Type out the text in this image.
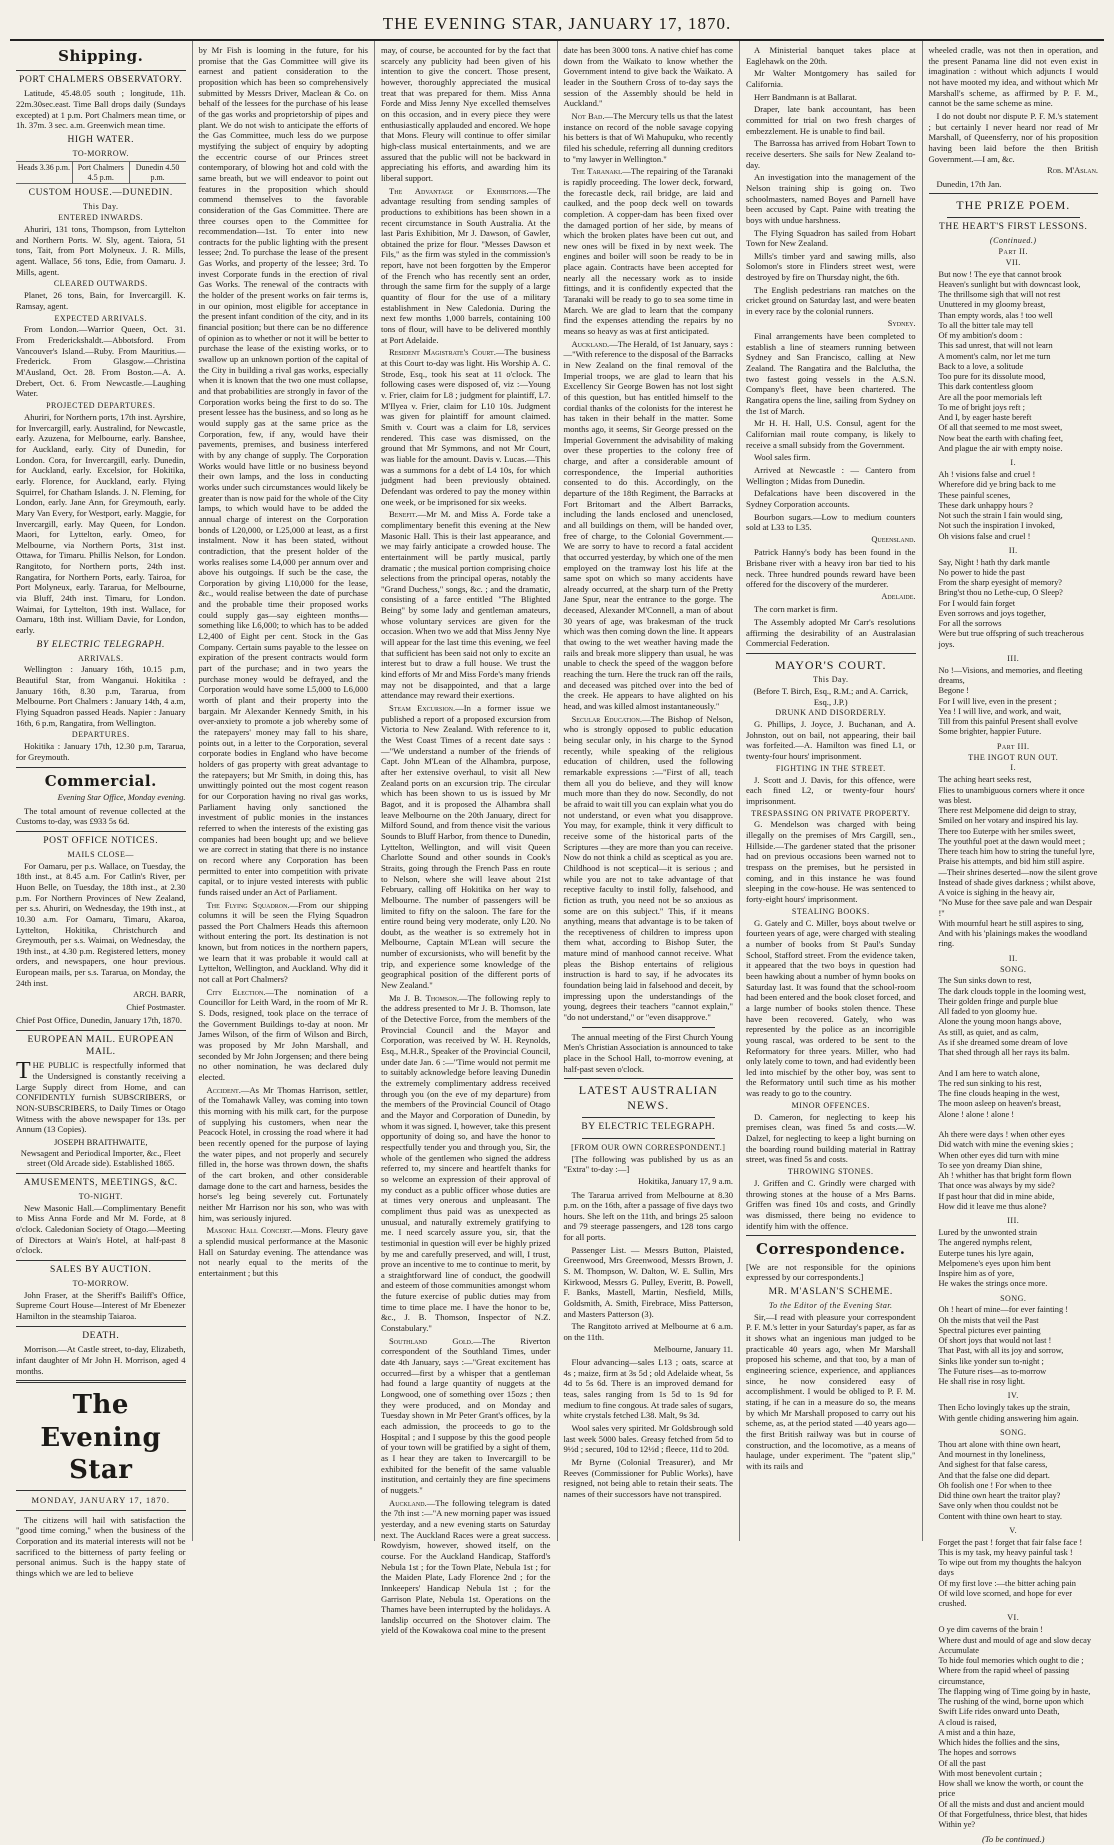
THE EVENING STAR, JANUARY 17, 1870.
Shipping.
PORT CHALMERS OBSERVATORY.

Latitude, 45.48.05 south ; longitude, 11h. 22m.30sec.east. Time Ball drops daily (Sundays excepted) at 1 p.m. Port Chalmers mean time, or 1h. 37m. 3 sec. a.m. Greenwich mean time.

HIGH WATER.
TO-MORROW.
Heads 3.36 p.m. Port Chalmers 4.5 p.m.
Dunedin 4.50 p.m.
CUSTOM HOUSE.—DUNEDIN.
This Day.
ENTERED INWARDS.

Ahuriri, 131 tons, Thompson, from Lyttelton and Northern Ports. W. Sly, agent. Taiora, 51 tons, Tait, from Port Molyneux. J. R. Mills, agent. Wallace, 56 tons, Edie, from Oamaru. J. Mills, agent.

CLEARED OUTWARDS.

Planet, 26 tons, Bain, for Invercargill. K. Ramsay, agent.

EXPECTED ARRIVALS.

From London.—Warrior Queen, Oct. 31. From Frederickshaldt.—Abbotsford. From Vancouver's Island.—Ruby. From Mauritius.—Frederick. From Glasgow.—Christina M'Ausland, Oct. 28. From Boston.—A. A. Drebert, Oct. 6. From Newcastle.—Laughing Water.

PROJECTED DEPARTURES.

Ahuriri, for Northern ports, 17th inst. Ayrshire, for Invercargill, early. Australind, for Newcastle, early. Azuzena, for Melbourne, early. Banshee, for Auckland, early. City of Dunedin, for London. Cora, for Invercargill, early. Dunedin, for Auckland, early. Excelsior, for Hokitika, early. Florence, for Auckland, early. Flying Squirrel, for Chatham Islands. J. N. Fleming, for London, early. Jane Ann, for Greymouth, early. Mary Van Every, for Westport, early. Maggie, for Invercargill, early. May Queen, for London. Maori, for Lyttelton, early. Omeo, for Melbourne, via Northern Ports, 31st inst. Ottawa, for Timaru. Phillis Nelson, for London. Rangitoto, for Northern ports, 24th inst. Rangatira, for Northern Ports, early. Tairoa, for Port Molyneux, early. Tararua, for Melbourne, via Bluff, 24th inst. Timaru, for London. Waimai, for Lyttelton, 19th inst. Wallace, for Oamaru, 18th inst. William Davie, for London, early.

BY ELECTRIC TELEGRAPH.
ARRIVALS.

Wellington : January 16th, 10.15 p.m, Beautiful Star, from Wanganui. Hokitika : January 16th, 8.30 p.m, Tararua, from Melbourne. Port Chalmers : January 14th, 4 a.m, Flying Squadron passed Heads. Napier : January 16th, 6 p.m, Rangatira, from Wellington.

DEPARTURES.

Hokitika : January 17th, 12.30 p.m, Tararua, for Greymouth.

Commercial.
Evening Star Office, Monday evening.

The total amount of revenue collected at the Customs to-day, was £933 5s 6d.

POST OFFICE NOTICES.
MAILS CLOSE—

For Oamaru, per p.s. Wallace, on Tuesday, the 18th inst., at 8.45 a.m. For Catlin's River, per Huon Belle, on Tuesday, the 18th inst., at 2.30 p.m. For Northern Provinces of New Zealand, per s.s. Ahuriri, on Wednesday, the 19th inst., at 10.30 a.m. For Oamaru, Timaru, Akaroa, Lyttelton, Hokitika, Christchurch and Greymouth, per s.s. Waimai, on Wednesday, the 19th inst., at 4.30 p.m. Registered letters, money orders, and newspapers, one hour previous. European mails, per s.s. Tararua, on Monday, the 24th inst.

ARCH. BARR,
Chief Postmaster.

Chief Post Office, Dunedin, January 17th, 1870.

EUROPEAN MAIL. EUROPEAN MAIL.

THE PUBLIC is respectfully informed that the Undersigned is constantly receiving a Large Supply direct from Home, and can CONFIDENTLY furnish SUBSCRIBERS, or NON-SUBSCRIBERS, to Daily Times or Otago Witness with the above newspaper for 13s. per Annum (13 Copies).

JOSEPH BRAITHWAITE,
Newsagent and Periodical Importer, &c., Fleet street (Old Arcade side). Established 1865.
AMUSEMENTS, MEETINGS, &C.
TO-NIGHT.

New Masonic Hall.—Complimentary Benefit to Miss Anna Forde and Mr M. Forde, at 8 o'clock. Caledonian Society of Otago.—Meeting of Directors at Wain's Hotel, at half-past 8 o'clock.

SALES BY AUCTION.
TO-MORROW.

John Fraser, at the Sheriff's Bailiff's Office, Supreme Court House—Interest of Mr Ebenezer Hamilton in the steamship Taiaroa.

DEATH.

Morrison.—At Castle street, to-day, Elizabeth, infant daughter of Mr John H. Morrison, aged 4 months.

The Evening Star
MONDAY, JANUARY 17, 1870.

The citizens will hail with satisfaction the "good time coming," when the business of the Corporation and its material interests will not be sacrificed to the bitterness of party feeling or personal animus. Such is the happy state of things which we are led to believe

by Mr Fish is looming in the future, for his promise that the Gas Committee will give its earnest and patient consideration to the proposition which has been so comprehensively submitted by Messrs Driver, Maclean & Co. on behalf of the lessees for the purchase of his lease of the gas works and proprietorship of pipes and plant. We do not wish to anticipate the efforts of the Gas Committee, much less do we purpose mystifying the subject of enquiry by adopting the eccentric course of our Princes street contemporary, of blowing hot and cold with the same breath, but we will endeavor to point out features in the proposition which should commend themselves to the favorable consideration of the Gas Committee. There are three courses open to the Committee for recommendation—1st. To enter into new contracts for the public lighting with the present lessee; 2nd. To purchase the lease of the present Gas Works, and property of the lessee; 3rd. To invest Corporate funds in the erection of rival Gas Works. The renewal of the contracts with the holder of the present works on fair terms is, in our opinion, most eligible for acceptance in the present infant condition of the city, and in its financial position; but there can be no difference of opinion as to whether or not it will be better to purchase the lease of the existing works, or to swallow up an unknown portion of the capital of the City in building a rival gas works, especially when it is known that the two one must collapse, and that probabilities are strongly in favor of the Corporation works being the first to do so. The present lessee has the business, and so long as he would supply gas at the same price as the Corporation, few, if any, would have their pavements, premises, and business interfered with by any change of supply. The Corporation Works would have little or no business beyond their own lamps, and the loss in conducting works under such circumstances would likely be greater than is now paid for the whole of the City lamps, to which would have to be added the annual charge of interest on the Corporation bonds of L20,000, or L25,000 at least, as a first instalment. Now it has been stated, without contradiction, that the present holder of the works realises some L4,000 per annum over and above his outgoings. If such be the case, the Corporation by giving L10,000 for the lease, &c., would realise between the date of purchase and the probable time their proposed works could supply gas—say eighteen months—something like L6,000; to which has to be added L2,400 of Eight per cent. Stock in the Gas Company. Certain sums payable to the lessee on expiration of the present contracts would form part of the purchase; and in two years the purchase money would be defrayed, and the Corporation would have some L5,000 to L6,000 worth of plant and their property into the bargain. Mr Alexander Kennedy Smith, in his over-anxiety to promote a job whereby some of the ratepayers' money may fall to his share, points out, in a letter to the Corporation, several corporate bodies in England who have become holders of gas property with great advantage to the ratepayers; but Mr Smith, in doing this, has unwittingly pointed out the most cogent reason for our Corporation having no rival gas works, Parliament having only sanctioned the investment of public monies in the instances referred to when the interests of the existing gas companies had been bought up; and we believe we are correct in stating that there is no instance on record where any Corporation has been permitted to enter into competition with private capital, or to injure vested interests with public funds raised under an Act of Parliament.

The Flying Squadron.—From our shipping columns it will be seen the Flying Squadron passed the Port Chalmers Heads this afternoon without entering the port. Its destination is not known, but from notices in the northern papers, we learn that it was probable it would call at Lyttelton, Wellington, and Auckland. Why did it not call at Port Chalmers?

City Election.—The nomination of a Councillor for Leith Ward, in the room of Mr R. S. Dods, resigned, took place on the terrace of the Government Buildings to-day at noon. Mr James Wilson, of the firm of Wilson and Birch, was proposed by Mr John Marshall, and seconded by Mr John Jorgensen; and there being no other nomination, he was declared duly elected.

Accident.—As Mr Thomas Harrison, settler, of the Tomahawk Valley, was coming into town this morning with his milk cart, for the purpose of supplying his customers, when near the Peacock Hotel, in crossing the road where it had been recently opened for the purpose of laying the water pipes, and not properly and securely filled in, the horse was thrown down, the shafts of the cart broken, and other considerable damage done to the cart and harness, besides the horse's leg being severely cut. Fortunately neither Mr Harrison nor his son, who was with him, was seriously injured.

Masonic Hall Concert.—Mons. Fleury gave a splendid musical performance at the Masonic Hall on Saturday evening. The attendance was not nearly equal to the merits of the entertainment ; but this

may, of course, be accounted for by the fact that scarcely any publicity had been given of his intention to give the concert. Those present, however, thoroughly appreciated the musical treat that was prepared for them. Miss Anna Forde and Miss Jenny Nye excelled themselves on this occasion, and in every piece they were enthusiastically applauded and encored. We hope that Mons. Fleury will continue to offer similar high-class musical entertainments, and we are assured that the public will not be backward in appreciating his efforts, and awarding him its liberal support.

The Advantage of Exhibitions.—The advantage resulting from sending samples of productions to exhibitions has been shown in a recent circumstance in South Australia. At the last Paris Exhibition, Mr J. Dawson, of Gawler, obtained the prize for flour. "Messes Dawson et Fils," as the firm was styled in the commission's report, have not been forgotten by the Emperor of the French who has recently sent an order, through the same firm for the supply of a large quantity of flour for the use of a military establishment in New Caledonia. During the next few months 1,000 barrels, containing 100 tons of flour, will have to be delivered monthly at Port Adelaide.

Resident Magistrate's Court.—The business at this Court to-day was light. His Worship A. C. Strode, Esq., took his seat at 11 o'clock. The following cases were disposed of, viz :—Young v. Frier, claim for L8 ; judgment for plaintiff, L7. M'Ilyea v. Frier, claim for L10 10s. Judgment was given for plaintiff for amount claimed. Smith v. Court was a claim for L8, services rendered. This case was dismissed, on the ground that Mr Symmons, and not Mr Court, was liable for the amount. Davis v. Lucas.—This was a summons for a debt of L4 10s, for which judgment had been previously obtained. Defendant was ordered to pay the money within one week, or be imprisoned for six weeks.

Benefit.—Mr M. and Miss A. Forde take a complimentary benefit this evening at the New Masonic Hall. This is their last appearance, and we may fairly anticipate a crowded house. The entertainment will be partly musical, partly dramatic ; the musical portion comprising choice selections from the principal operas, notably the "Grand Duchess," songs, &c. ; and the dramatic, consisting of a farce entitled "The Blighted Being" by some lady and gentleman amateurs, whose voluntary services are given for the occasion. When two we add that Miss Jenny Nye will appear for the last time this evening, we feel that sufficient has been said not only to excite an interest but to draw a full house. We trust the kind efforts of Mr and Miss Forde's many friends may not be disappointed, and that a large attendance may reward their exertions.

Steam Excursion.—In a former issue we published a report of a proposed excursion from Victoria to New Zealand. With reference to it, the West Coast Times of a recent date says :—"We understand a number of the friends of Capt. John M'Lean of the Alhambra, purpose, after her extensive overhaul, to visit all New Zealand ports on an excursion trip. The circular which has been shown to us is issued by Mr Bagot, and it is proposed the Alhambra shall leave Melbourne on the 20th January, direct for Milford Sound, and from thence visit the various Sounds to Bluff Harbor, from thence to Dunedin, Lyttelton, Wellington, and will visit Queen Charlotte Sound and other sounds in Cook's Straits, going through the French Pass en route to Nelson, where she will leave about 21st February, calling off Hokitika on her way to Melbourne. The number of passengers will be limited to fifty on the saloon. The fare for the entire round being very moderate, only L20. No doubt, as the weather is so extremely hot in Melbourne, Captain M'Lean will secure the number of excursionists, who will benefit by the trip, and experience some knowledge of the geographical position of the different ports of New Zealand."

Mr J. B. Thomson.—The following reply to the address presented to Mr J. B. Thomson, late of the Detective Force, from the members of the Provincial Council and the Mayor and Corporation, was received by W. H. Reynolds, Esq., M.H.R., Speaker of the Provincial Council, under date Jan. 6 :—"Time would not permit me to suitably acknowledge before leaving Dunedin the extremely complimentary address received through you (on the eve of my departure) from the members of the Provincial Council of Otago and the Mayor and Corporation of Dunedin, by whom it was signed. I, however, take this present opportunity of doing so, and have the honor to respectfully tender you and through you, Sir, the whole of the gentlemen who signed the address referred to, my sincere and heartfelt thanks for so welcome an expression of their approval of my conduct as a public officer whose duties are at times very onerous and unpleasant. The compliment thus paid was as unexpected as unusual, and naturally extremely gratifying to me. I need scarcely assure you, sir, that the testimonial in question will ever be highly prized by me and carefully preserved, and will, I trust, prove an incentive to me to continue to merit, by a straightforward line of conduct, the goodwill and esteem of those communities amongst whom the future exercise of public duties may from time to time place me. I have the honor to be, &c., J. B. Thomson, Inspector of N.Z. Constabulary."

Southland Gold.—The Riverton correspondent of the Southland Times, under date 4th January, says :—"Great excitement has occurred—first by a whisper that a gentleman had found a large quantity of nuggets at the Longwood, one of something over 15ozs ; then they were produced, and on Monday and Tuesday shown in Mr Peter Grant's offices, by la each admission, the proceeds to go to the Hospital ; and I suppose by this the good people of your town will be gratified by a sight of them, as I hear they are taken to Invercargill to be exhibited for the benefit of the same valuable institution, and certainly they are fine specimens of nuggets."

Auckland.—The following telegram is dated the 7th inst :—"A new morning paper was issued yesterday, and a new evening starts on Saturday next. The Auckland Races were a great success. Rowdyism, however, showed itself, on the course. For the Auckland Handicap, Stafford's Nebula 1st ; for the Town Plate, Nebula 1st ; for the Maiden Plate, Lady Florence 2nd ; for the Innkeepers' Handicap Nebula 1st ; for the Garrison Plate, Nebula 1st. Operations on the Thames have been interrupted by the holidays. A landslip occurred on the Shotover claim. The yield of the Kowakowa coal mine to the present

date has been 3000 tons. A native chief has come down from the Waikato to know whether the Government intend to give back the Waikato. A leader in the Southern Cross of to-day says the session of the Assembly should be held in Auckland."

Not Bad.—The Mercury tells us that the latest instance on record of the noble savage copying his betters is that of Wi Mahupuku, who recently filed his schedule, referring all dunning creditors to "my lawyer in Wellington."

The Taranaki.—The repairing of the Taranaki is rapidly proceeding. The lower deck, forward, the forecastle deck, rail bridge, are laid and caulked, and the poop deck well on towards completion. A copper-dam has been fixed over the damaged portion of her side, by means of which the broken plates have been cut out, and new ones will be fixed in by next week. The engines and boiler will soon be ready to be in place again. Contracts have been accepted for nearly all the necessary work as to inside fittings, and it is confidently expected that the Taranaki will be ready to go to sea some time in March. We are glad to learn that the company find the expenses attending the repairs by no means so heavy as was at first anticipated.

Auckland.—The Herald, of 1st January, says :—"With reference to the disposal of the Barracks in New Zealand on the final removal of the Imperial troops, we are glad to learn that his Excellency Sir George Bowen has not lost sight of this question, but has entitled himself to the cordial thanks of the colonists for the interest he has taken in their behalf in the matter. Some months ago, it seems, Sir George pressed on the Imperial Government the advisability of making over these properties to the colony free of charge, and after a considerable amount of correspondence, the Imperial authorities consented to do this. Accordingly, on the departure of the 18th Regiment, the Barracks at Fort Britomart and the Albert Barracks, including the lands enclosed and unenclosed, and all buildings on them, will be handed over, free of charge, to the Colonial Government.—We are sorry to have to record a fatal accident that occurred yesterday, by which one of the men employed on the tramway lost his life at the same spot on which so many accidents have already occurred, at the sharp turn of the Pretty Jane Spur, near the entrance to the gorge. The deceased, Alexander M'Connell, a man of about 30 years of age, was brakesman of the truck which was then coming down the line. It appears that owing to the wet weather having made the rails and break more slippery than usual, he was unable to check the speed of the waggon before reaching the turn. Here the truck ran off the rails, and deceased was pitched over into the bed of the creek. He appears to have alighted on his head, and was killed almost instantaneously."

Secular Education.—The Bishop of Nelson, who is strongly opposed to public education being secular only, in his charge to the Synod recently, while speaking of the religious education of children, used the following remarkable expressions :—"First of all, teach them all you do believe, and they will know much more than they do now. Secondly, do not be afraid to wait till you can explain what you do not understand, or even what you disapprove. You may, for example, think it very difficult to receive some of the historical parts of the Scriptures —they are more than you can receive. Now do not think a child as sceptical as you are. Childhood is not sceptical—it is serious ; and while you are not to take advantage of that receptive faculty to instil folly, falsehood, and fiction as truth, you need not be so anxious as some are on this subject." This, if it means anything, means that advantage is to be taken of the receptiveness of children to impress upon them what, according to Bishop Suter, the mature mind of manhood cannot receive. What pleas the Bishop entertains of religious instruction is hard to say, if he advocates its foundation being laid in falsehood and deceit, by impressing upon the understandings of the young, degrees their teachers "cannot explain," "do not understand," or "even disapprove."

The annual meeting of the First Church Young Men's Christian Association is announced to take place in the School Hall, to-morrow evening, at half-past seven o'clock.

LATEST AUSTRALIAN NEWS.
BY ELECTRIC TELEGRAPH.
[FROM OUR OWN CORRESPONDENT.]

[The following was published by us as an "Extra" to-day :—]

Hokitika, January 17, 9 a.m.

The Tararua arrived from Melbourne at 8.30 p.m. on the 16th, after a passage of five days two hours. She left on the 11th, and brings 25 saloon and 79 steerage passengers, and 128 tons cargo for all ports.

Passenger List. — Messrs Button, Plaisted, Greenwood, Mrs Greenwood, Messrs Brown, J. S. M. Thompson, W. Dalton, W. E. Sullin, Mrs Kirkwood, Messrs G. Pulley, Everitt, B. Powell, F. Banks, Mastell, Martin, Nesfield, Mills, Goldsmith, A. Smith, Firebrace, Miss Patterson, and Masters Patterson (3).

The Rangitoto arrived at Melbourne at 6 a.m. on the 11th.

Melbourne, January 11.

Flour advancing—sales L13 ; oats, scarce at 4s ; maize, firm at 3s 5d ; old Adelaide wheat, 5s 4d to 5s 6d. There is an improved demand for teas, sales ranging from 1s 5d to 1s 9d for medium to fine congous. At trade sales of sugars, white crystals fetched L38. Malt, 9s 3d.

Wool sales very spirited. Mr Goldsbrough sold last week 5000 bales. Greasy fetched from 5d to 9½d ; secured, 10d to 12½d ; fleece, 11d to 20d.

Mr Byrne (Colonial Treasurer), and Mr Reeves (Commissioner for Public Works), have resigned, not being able to retain their seats. The names of their successors have not transpired.

A Ministerial banquet takes place at Eaglehawk on the 20th.

Mr Walter Montgomery has sailed for California.

Herr Bandmann is at Ballarat.

Draper, late bank accountant, has been committed for trial on two fresh charges of embezzlement. He is unable to find bail.

The Barrossa has arrived from Hobart Town to receive deserters. She sails for New Zealand to-day.

An investigation into the management of the Nelson training ship is going on. Two schoolmasters, named Boyes and Parnell have been accused by Capt. Paine with treating the boys with undue harshness.

The Flying Squadron has sailed from Hobart Town for New Zealand.

Mills's timber yard and sawing mills, also Solomon's store in Flinders street west, were destroyed by fire on Thursday night, the 6th.

The English pedestrians ran matches on the cricket ground on Saturday last, and were beaten in every race by the colonial runners.

Sydney.

Final arrangements have been completed to establish a line of steamers running between Sydney and San Francisco, calling at New Zealand. The Rangatira and the Balclutha, the two fastest going vessels in the A.S.N. Company's fleet, have been chartered. The Rangatira opens the line, sailing from Sydney on the 1st of March.

Mr H. H. Hall, U.S. Consul, agent for the Californian mail route company, is likely to receive a small subsidy from the Government.

Wool sales firm.

Arrived at Newcastle : — Cantero from Wellington ; Midas from Dunedin.

Defalcations have been discovered in the Sydney Corporation accounts.

Bourbon sugars.—Low to medium counters sold at L33 to L35.

Queensland.

Patrick Hanny's body has been found in the Brisbane river with a heavy iron bar tied to his neck. Three hundred pounds reward have been offered for the discovery of the murderer.

Adelaide.

The corn market is firm.

The Assembly adopted Mr Carr's resolutions affirming the desirability of an Australasian Commercial Federation.

MAYOR'S COURT.
This Day.
(Before T. Birch, Esq., R.M.; and A. Carrick, Esq., J.P.)
DRUNK AND DISORDERLY.

G. Phillips, J. Joyce, J. Buchanan, and A. Johnston, out on bail, not appearing, their bail was forfeited.—A. Hamilton was fined L1, or twenty-four hours' imprisonment.

FIGHTING IN THE STREET.

J. Scott and J. Davis, for this offence, were each fined L2, or twenty-four hours' imprisonment.

TRESPASSING ON PRIVATE PROPERTY.

G. Mendelson was charged with being illegally on the premises of Mrs Cargill, sen., Hillside.—The gardener stated that the prisoner had on previous occasions been warned not to trespass on the premises, but he persisted in coming, and in this instance he was found sleeping in the cow-house. He was sentenced to forty-eight hours' imprisonment.

STEALING BOOKS.

G. Gately and C. Miller, boys about twelve or fourteen years of age, were charged with stealing a number of books from St Paul's Sunday School, Stafford street. From the evidence taken, it appeared that the two boys in question had been hawking about a number of hymn books on Saturday last. It was found that the school-room had been entered and the book closet forced, and a large number of books stolen thence. These have been recovered. Gately, who was represented by the police as an incorrigible young rascal, was ordered to be sent to the Reformatory for three years. Miller, who had only lately come to town, and had evidently been led into mischief by the other boy, was sent to the Reformatory until such time as his mother was ready to go to the country.

MINOR OFFENCES.

D. Cameron, for neglecting to keep his premises clean, was fined 5s and costs.—W. Dalzel, for neglecting to keep a light burning on the boarding round building material in Rattray street, was fined 5s and costs.

THROWING STONES.

J. Griffen and C. Grindly were charged with throwing stones at the house of a Mrs Barns. Griffen was fined 10s and costs, and Grindly was dismissed, there being no evidence to identify him with the offence.

Correspondence.

[We are not responsible for the opinions expressed by our correspondents.]

MR. M'ASLAN'S SCHEME.
To the Editor of the Evening Star.

Sir,—I read with pleasure your correspondent P. F. M.'s letter in your Saturday's paper, as far as it shows what an ingenious man judged to be practicable 40 years ago, when Mr Marshall proposed his scheme, and that too, by a man of engineering science, experience, and appliances since, he now considered easy of accomplishment. I would be obliged to P. F. M. stating, if he can in a measure do so, the means by which Mr Marshall proposed to carry out his scheme, as, at the period stated —40 years ago—the first British railway was but in course of construction, and the locomotive, as a means of haulage, under experiment. The "patent slip," with its rails and

wheeled cradle, was not then in operation, and the present Panama line did not even exist in imagination : without which adjuncts I would not have mooted my idea, and without which Mr Marshall's scheme, as affirmed by P. F. M., cannot be the same scheme as mine.

I do not doubt nor dispute P. F. M.'s statement ; but certainly I never heard nor read of Mr Marshall, of Queensferry, nor of his proposition having been laid before the then British Government.—I am, &c.

Rob. M'Aslan.

Dunedin, 17th Jan.

THE PRIZE POEM.
THE HEART'S FIRST LESSONS.
(Continued.)
Part II.
VII.
But now ! The eye that cannot brook
Heaven's sunlight but with downcast look,
The thrillsome sigh that will not rest
Unuttered in my gloomy breast,
Than empty words, alas ! too well
To all the bitter tale may tell
Of my ambition's doom :
This sad unrest, that will not learn
A moment's calm, nor let me turn
Back to a love, a solitude
Too pure for its dissolute mood,
This dark contentless gloom
Are all the poor memorials left
To me of bright joys reft ;
And I, by eager haste bereft
Of all that seemed to me most sweet,
Now beat the earth with chafing feet,
And plague the air with empty noise.
I.
Ah ! visions false and cruel !
Wherefore did ye bring back to me
These painful scenes,
These dark unhappy hours ?
Not such the strain I fain would sing,
Not such the inspiration I invoked,
Oh visions false and cruel !
II.
Say, Night ! hath thy dark mantle
No power to hide the past
From the sharp eyesight of memory?
Bring'st thou no Lethe-cup, O Sleep?
For I would fain forget
Even sorrows and joys together,
For all the sorrows
Were but true offspring of such treacherous joys.
III.
No !—Visions, and memories, and fleeting dreams,
Begone !
For I will live, even in the present ;
Yea ! I will live, and work, and wait,
Till from this painful Present shall evolve
Some brighter, happier Future.
Part III.
THE INGOT RUN OUT.
I.
The aching heart seeks rest,
Flies to unambiguous corners where it once was blest.
There rest Melpomene did deign to stray,
Smiled on her votary and inspired his lay.
There too Euterpe with her smiles sweet,
The youthful poet at the dawn would meet ;
There teach him how to string the tuneful lyre,
Praise his attempts, and bid him still aspire.
—Their shrines deserted—now the silent grove
Instead of shade gives darkness ; whilst above,
A voice is sighing in the heavy air,
"No Muse for thee save pale and wan Despair !"
With mournful heart he still aspires to sing,
And with his 'plainings makes the woodland ring.
II.
SONG.
The Sun sinks down to rest,
The dark clouds topple in the looming west,
Their golden fringe and purple blue
All faded to yon gloomy hue.
Alone the young moon hangs above,
As still, as quiet, and as calm,
As if she dreamed some dream of love
That shed through all her rays its balm.

And I am here to watch alone,
The red sun sinking to his rest,
The fine clouds heaping in the west,
The moon asleep on heaven's breast,
Alone ! alone ! alone !

Ah there were days ! when other eyes
Did watch with mine the evening skies ;
When other eyes did turn with mine
To see yon dreamy Dian shine,
Ah ! whither has that bright form flown
That once was always by my side?
If past hour that did in mine abide,
How did it leave me thus alone?
III.
Lured by the unwonted strain
The angered nymphs relent,
Euterpe tunes his lyre again,
Melpomene's eyes upon him bent
Inspire him as of yore,
He wakes the strings once more.
SONG.
Oh ! heart of mine—for ever fainting !
Oh the mists that veil the Past
Spectral pictures ever painting
Of short joys that would not last !
That Past, with all its joy and sorrow,
Sinks like yonder sun to-night ;
The Future rises—as to-morrow
He shall rise in rosy light.
IV.
Then Echo lovingly takes up the strain,
With gentle chiding answering him again.
SONG.
Thou art alone with thine own heart,
And mournest in thy loneliness,
And sighest for that false caress,
And that the false one did depart.
Oh foolish one ! For when to thee
Did thine own heart the traitor play?
Save only when thou couldst not be
Content with thine own heart to stay.
V.
Forget the past ! forget that fair false face !
This is my task, my heavy painful task !
To wipe out from my thoughts the halcyon days
Of my first love :—the bitter aching pain
Of wild love scorned, and hope for ever crushed.
VI.
O ye dim caverns of the brain !
Where dust and mould of age and slow decay
Accumulate
To hide foul memories which ought to die ;
Where from the rapid wheel of passing circumstance,
The flapping wing of Time going by in haste,
The rushing of the wind, borne upon which
Swift Life rides onward unto Death,
A cloud is raised,
A mist and a thin haze,
Which hides the follies and the sins,
The hopes and sorrows
Of all the past
With most benevolent curtain ;
How shall we know the worth, or count the price
Of all the mists and dust and ancient mould
Of that Forgetfulness, thrice blest, that hides
Within ye?
(To be continued.)
